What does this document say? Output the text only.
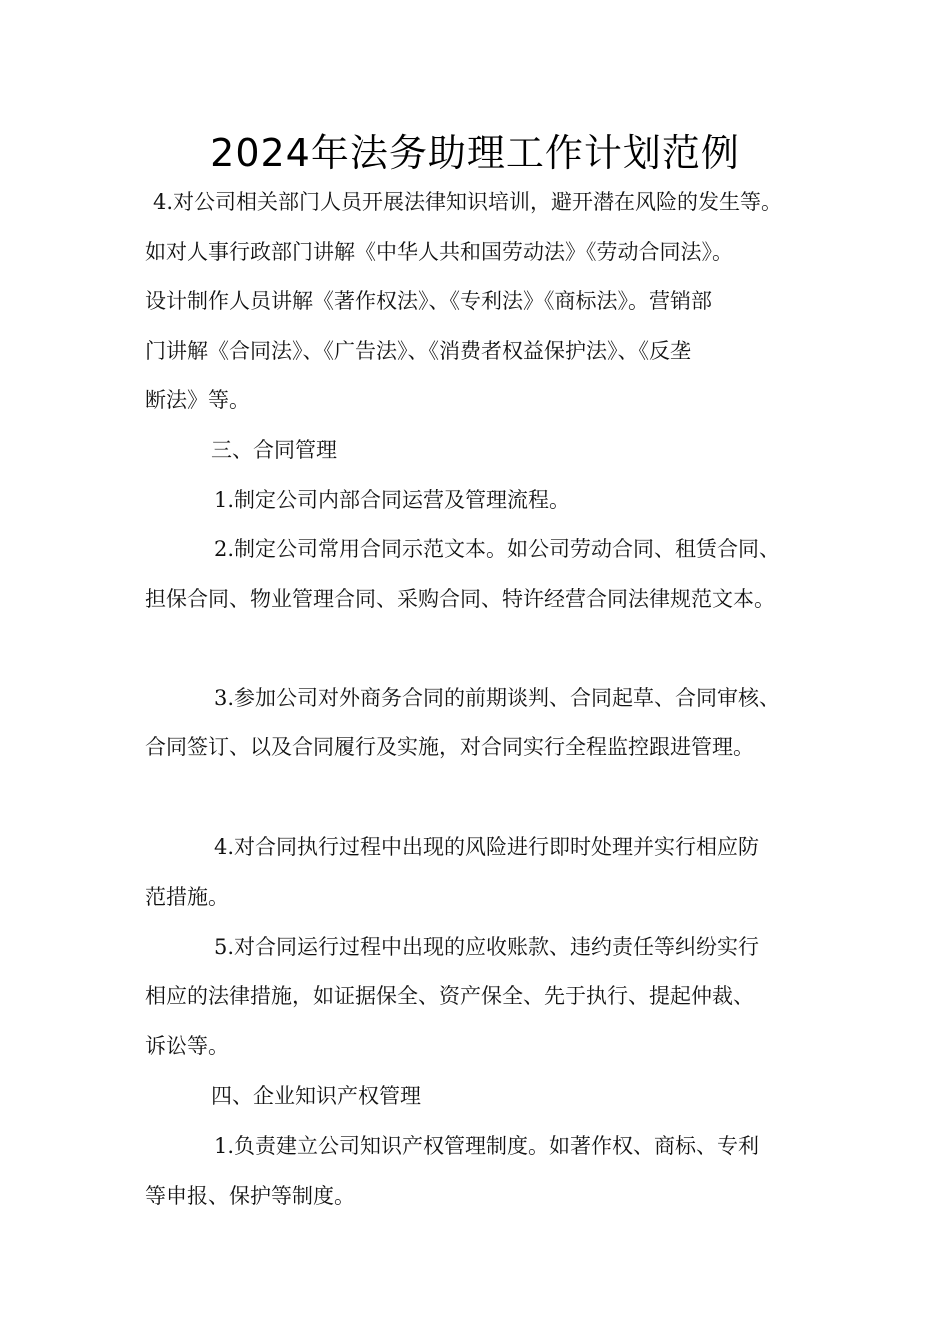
2024年法务助理工作计划范例
4.对公司相关部门人员开展法律知识培训，避开潜在风险的发生等。
如对人事行政部门讲解《中华人共和国劳动法》《劳动合同法》。
设计制作人员讲解《著作权法》、《专利法》《商标法》。营销部
门讲解《合同法》、《广告法》、《消费者权益保护法》、《反垄
断法》等。
三、合同管理
1.制定公司内部合同运营及管理流程。
2.制定公司常用合同示范文本。如公司劳动合同、租赁合同、
担保合同、物业管理合同、采购合同、特许经营合同法律规范文本。
3.参加公司对外商务合同的前期谈判、合同起草、合同审核、
合同签订、以及合同履行及实施，对合同实行全程监控跟进管理。
4.对合同执行过程中出现的风险进行即时处理并实行相应防
范措施。
5.对合同运行过程中出现的应收账款、违约责任等纠纷实行
相应的法律措施，如证据保全、资产保全、先于执行、提起仲裁、
诉讼等。
四、企业知识产权管理
1.负责建立公司知识产权管理制度。如著作权、商标、专利
等申报、保护等制度。
